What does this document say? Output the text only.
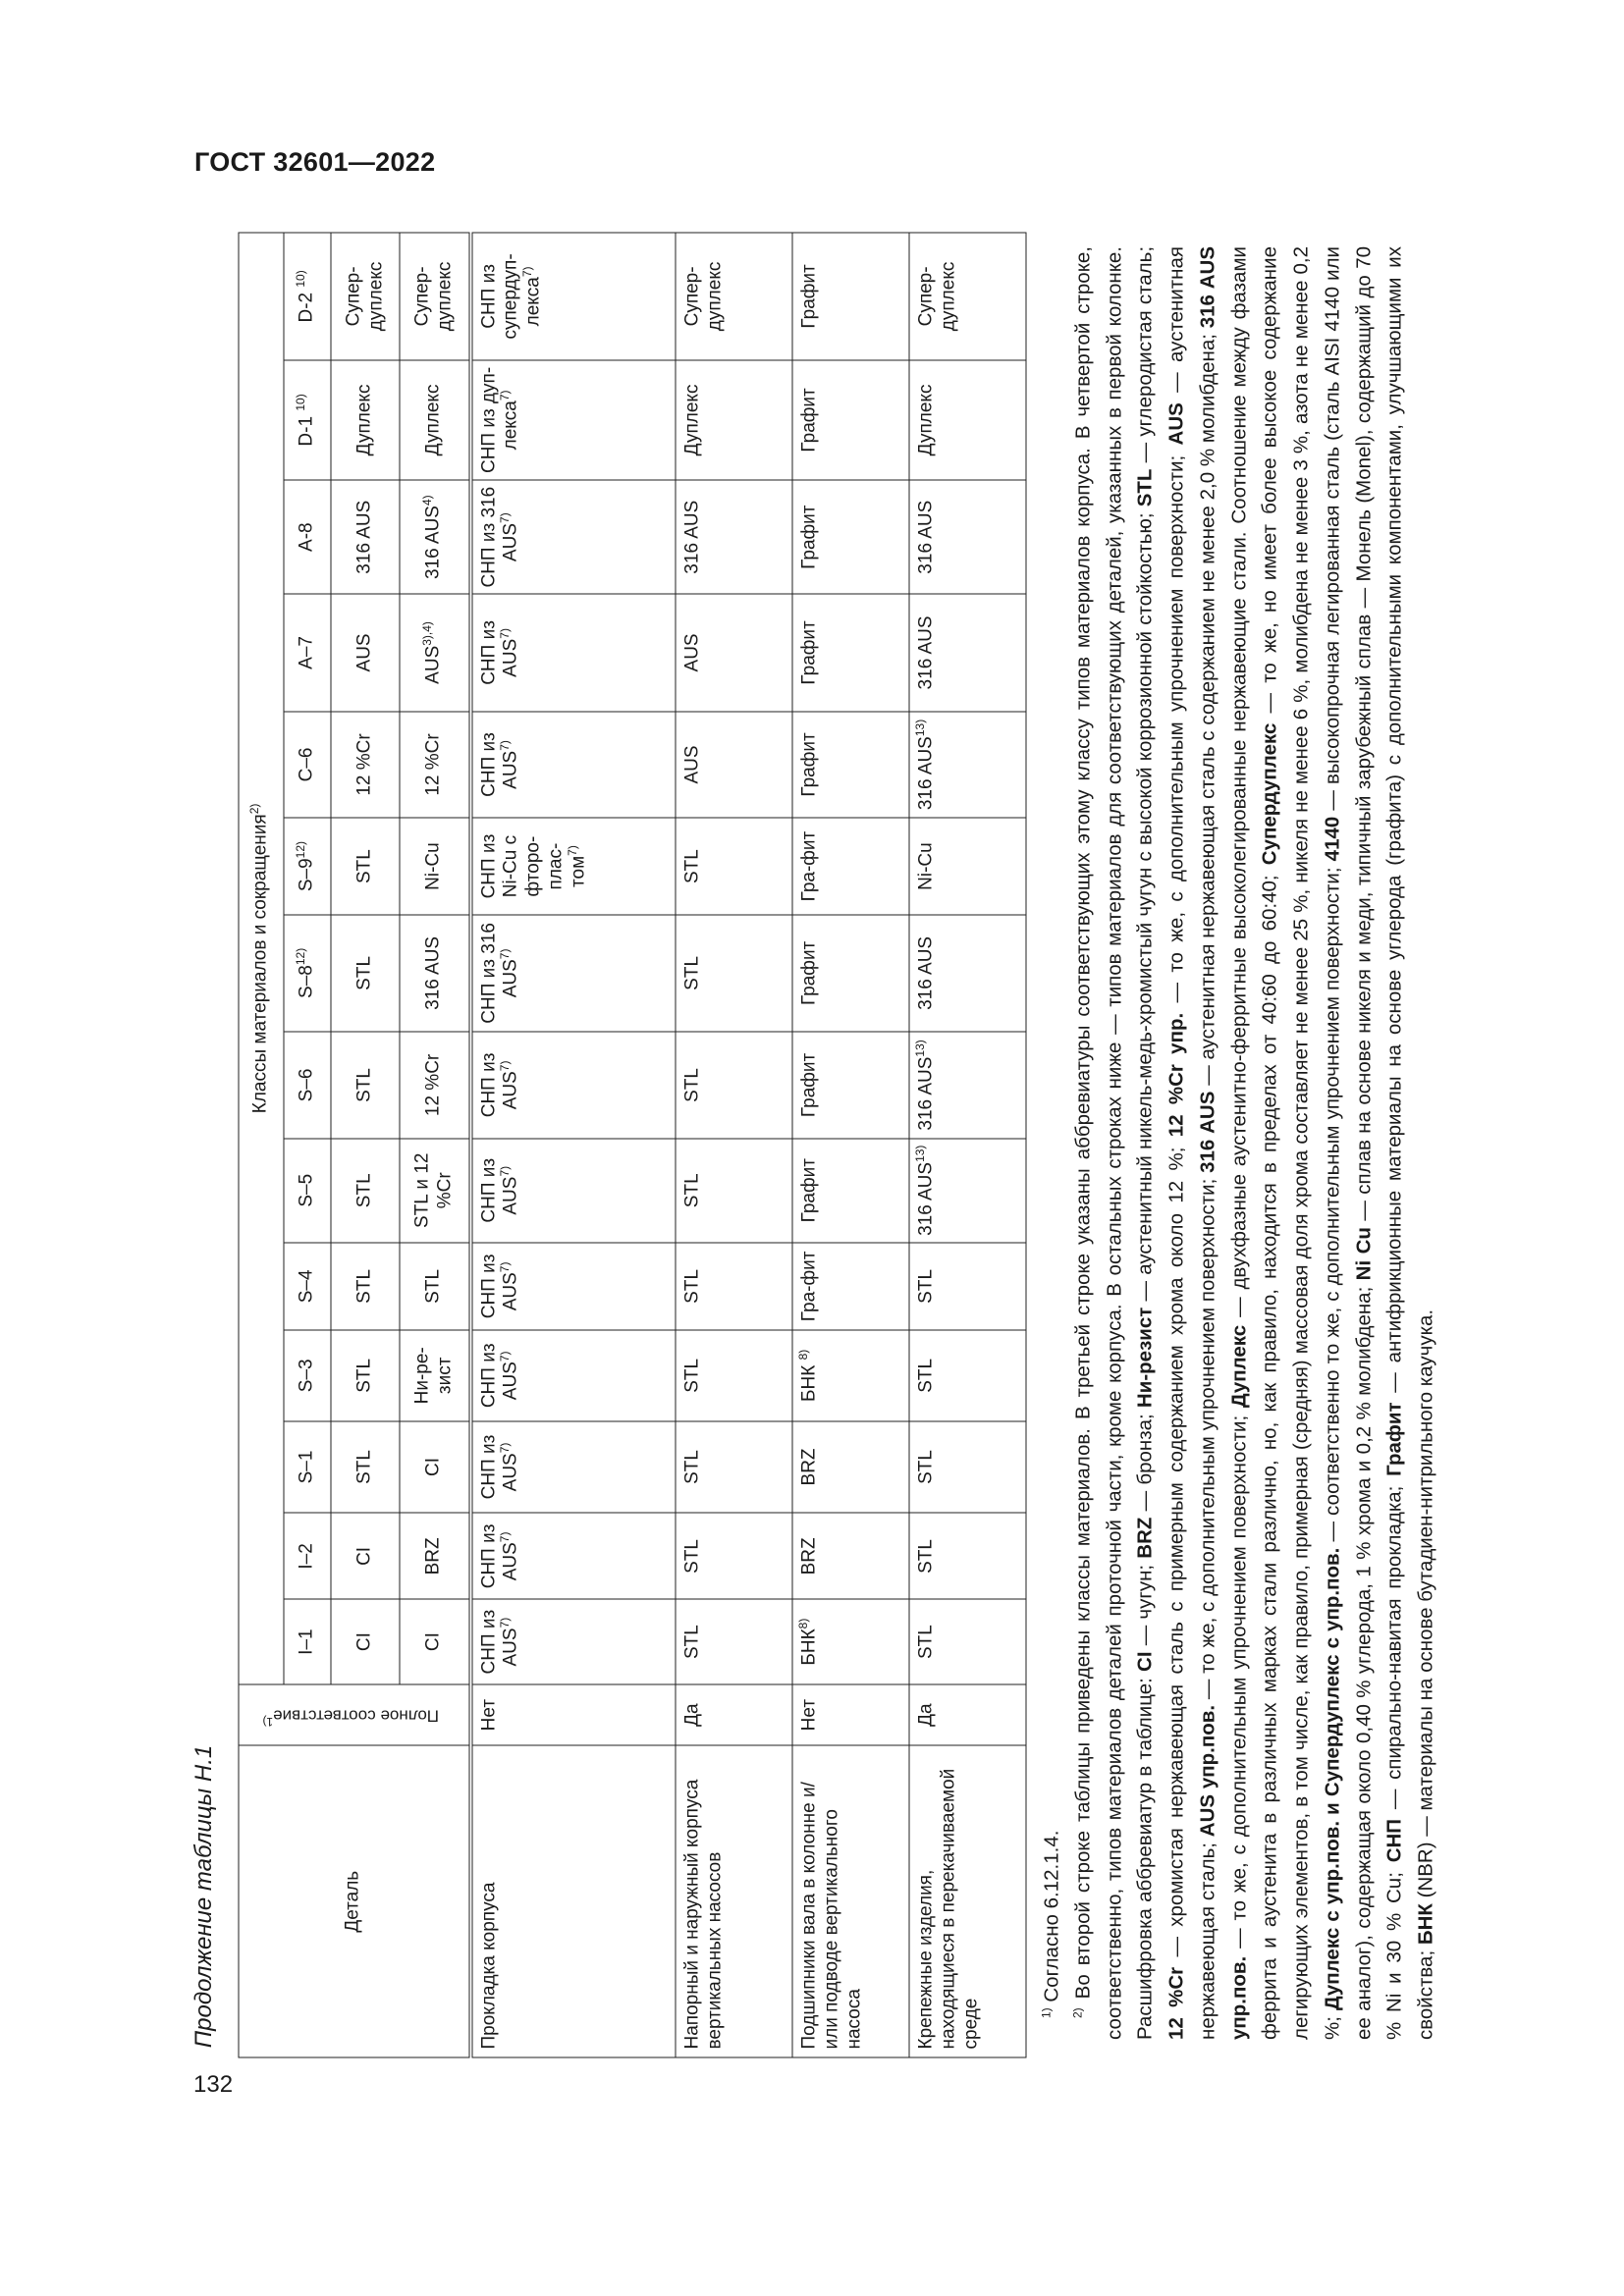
ГОСТ 32601—2022
132
Продолжение таблицы Н.1	Деталь	Полное соответствие$^{1)}$	Классы материалов и сокращения$^{2)}$
		I–1	I–2	S–1	S–3	S–4	S–5	S–6	S–8$^{12)}$	S–9$^{12)}$	C–6	A–7	A-8	D-1 $^{10)}$	D-2 $^{10)}$
		CI	CI	STL	STL	STL	STL	STL	STL	STL	12 %Cr	AUS	316 AUS	Дуплекс	Супер-дуплекс
		CI	BRZ	CI	Ни-ре-зист	STL	STL и 12 %Cr	12 %Cr	316 AUS	Ni-Cu	12 %Cr	$AUS^{3),4)}$	316 AUS$^{4)}$	Дуплекс	Супер-дуплекс
Прокладка корпуса	Нет	СНП из AUS$^{7)}$	СНП из AUS$^{7)}$	СНП из AUS$^{7)}$	СНП из AUS$^{7)}$	СНП из AUS$^{7)}$	СНП из AUS$^{7)}$	СНП из AUS$^{7)}$	СНП из 316 AUS$^{7)}$	СНП из Ni-Cu с фторо-плас-том$^{7)}$	СНП из AUS$^{7)}$	СНП из AUS$^{7)}$	СНП из 316 AUS$^{7)}$	СНП из дуп-лекса$^{7)}$	СНП из супердуп-лекса$^{7)}$
Напорный и наружный корпуса вертикальных насосов	Да	STL	STL	STL	STL	STL	STL	STL	STL	STL	AUS	AUS	316 AUS	Дуплекс	Супер-дуплекс
Подшипники вала в колонне и/или подводе вертикального насоса	Нет	БНК$^{8)}$	BRZ	BRZ	БНК $^{8)}$	Гра-фит	Графит	Графит	Графит	Гра-фит	Графит	Графит	Графит	Графит	Графит
Крепежные изделия, находящиеся в перекачиваемой среде	Да	STL	STL	STL	STL	STL	316 AUS$^{13)}$	316 AUS$^{13)}$	316 AUS	Ni-Cu	316 AUS$^{13)}$	316 AUS	316 AUS	Дуплекс	Супер-дуплекс

$^{1)}$ Согласно 6.12.1.4.

$^{2)}$ Во второй строке таблицы приведены классы материалов. В третьей строке указаны аббревиатуры соответствующих этому классу типов материалов корпуса. В четвертой строке, соответственно, типов материалов деталей проточной части, кроме корпуса. В остальных строках ниже — типов материалов для соответствующих деталей, указанных в первой колонке. Расшифровка аббревиатур в таблице: CI — чугун; BRZ — бронза; Ни-резист — аустенитный никель-медь-хромистый чугун с высокой коррозионной стойкостью; STL — углеродистая сталь; 12 %Cr — хромистая нержавеющая сталь с примерным содержанием хрома около 12 %; 12 %Cr упр. — то же, с дополнительным упрочнением поверхности; AUS — аустенитная нержавеющая сталь; AUS упр.пов. — то же, с дополнительным упрочнением поверхности; 316 AUS — аустенитная нержавеющая сталь с содержанием не менее 2,0 % молибдена; 316 AUS упр.пов. — то же, с дополнительным упрочнением поверхности; Дуплекс — двухфазные аустенитно-ферритные высоколегированные нержавеющие стали. Соотношение между фазами феррита и аустенита в различных марках стали различно, но, как правило, находится в пределах от 40:60 до 60:40; Супердуплекс — то же, но имеет более высокое содержание легирующих элементов, в том числе, как правило, примерная (средняя) массовая доля хрома составляет не менее 25 %, никеля не менее 6 %, молибдена не менее 3 %, азота не менее 0,2 %; Дуплекс с упр.пов. и Супердуплекс с упр.пов. — соответственно то же, с дополнительным упрочнением поверхности; 4140 — высокопрочная легированная сталь (сталь AISI 4140 или ее аналог), содержащая около 0,40 % углерода, 1 % хрома и 0,2 % молибдена; Ni Cu — сплав на основе никеля и меди, типичный зарубежный сплав — Монель (Monel), содержащий до 70 % Ni и 30 % Cu; СНП — спирально-навитая прокладка; Графит — антифрикционные материалы на основе углерода (графита) с дополнительными компонентами, улучшающими их свойства; БНК (NBR) — материалы на основе бутадиен-нитрильного каучука.															
